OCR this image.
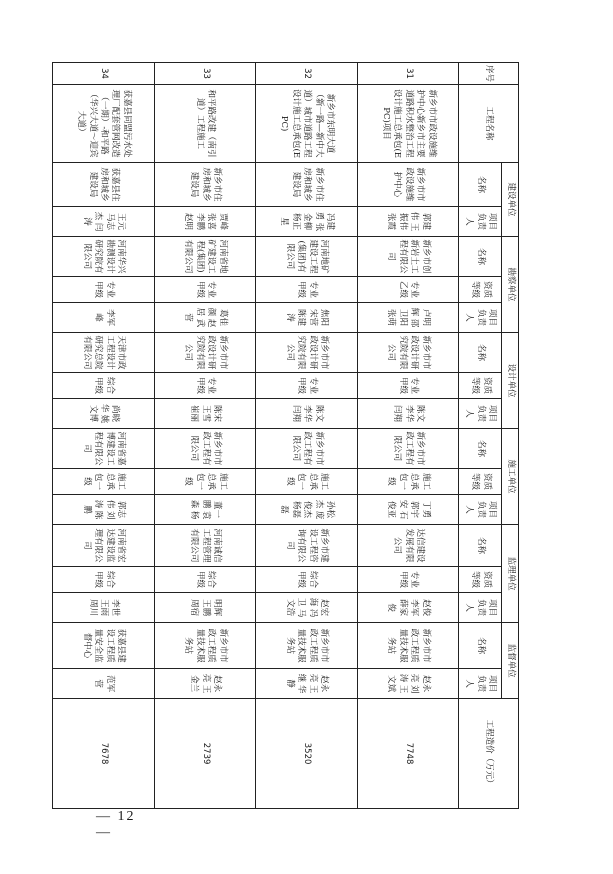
序号	工程名称	建设单位		勘察单位			设计单位			施工单位			监理单位			监督单位		工程造价（万元）
		名称	项目负责人	名称	资质等级	项目负责人	名称	资质等级	项目负责人	名称	资质等级	项目负责人	名称	资质等级	项目负责人	名称	项目负责人	
31	新乡市市政设施维护中心新乡市主要道路积水整治工程设计施工总承包(EPC)项目	新乡市市政设施维护中心	郭建伟 王振伟 张霞	新乡市创新岩土工程有限公司	专业乙级	卢明辉 邵卫阳 张萌	新乡市市政设计研究院有限公司	专业甲级	陈文 李华 闫翔	新乡市市政工程有限公司	施工总承包一级	丁勇 郭宇安 石俊亚	达信建设发展有限公司	专业甲级	赵俊 李军 薛家俊	新乡市市政工程质量技术服务站	赵永亮 刘涛 王文斌	7748
32	新乡市东明大道（新一路—新中大道）城市道路工程设计施工总承包(EPC)	新乡市住房和城乡建设局	冯建勇 张金柳 杨正星	河南地矿建设工程(集团)有限公司	专业甲级	焦阳 宋营 陈建涛	新乡市市政设计研究院有限公司	专业甲级	陈文 李华 闫翔	新乡市市政工程有限公司	施工总承包一级	孙松杰 庞俊杰 杨磊磊	新乡市建设工程咨询有限公司	综合甲级	赵宏海 冯卫 马文浩	新乡市市政工程质量技术服务站	赵永亮 王继 华静	3520
33	和平路改建（南引道）工程施工	新乡市住房和城乡建设局	贾峰 张喜 李鹏 赵明	河南省地矿建设工程(集团)有限公司	专业甲级	葛佳颜 赵居 武营	新乡市市政设计研究院有限公司	专业甲级	陈宋 王雪 崔丽	新乡市市政工程有限公司	施工总承包一级	董一鹏 袁森 杨	河南诚信工程管理有限公司	综合甲级	明辉 王鹏 周宿	新乡市市政工程质量技术服务站	赵永亮 王 金兰	2739
34	获嘉县同盟污水处理厂配套管网改造（一期）-和平路（华兴大道～迎宾大道）	获嘉县住房和城乡建设局	王元 马志杰 闫涛	河南华兴勘测设计研究院有限公司	专业甲级	李军峰	天津市政工程设计研究总院有限公司	综合甲级	尚晓华 姚文博	河南省嘉博建设工程有限公司	施工总承包一级	郭志伟 刘涛 陈鹏	河南省宏达建设监理有限公司	综合甲级	李世 王雨 周川	获嘉县建设工程质量安全监督中心	范军营	7678
— 12 —
